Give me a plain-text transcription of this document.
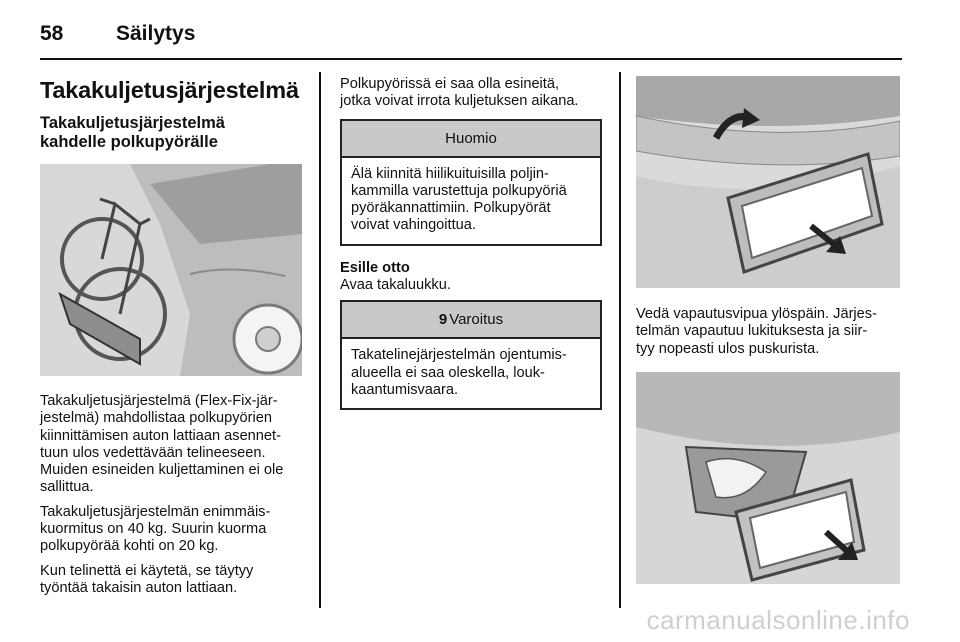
58	Säilytys
Takakuljetusjärjestelmä
Takakuljetusjärjestelmä
kahdelle polkupyörälle

Takakuljetusjärjestelmä (Flex-Fix-jär-
jestelmä) mahdollistaa polkupyörien
kiinnittämisen auton lattiaan asennet-
tuun ulos vedettävään telineeseen.
Muiden esineiden kuljettaminen ei ole
sallittua.

Takakuljetusjärjestelmän enimmäis-
kuormitus on 40 kg. Suurin kuorma
polkupyörää kohti on 20 kg.

Kun telinettä ei käytetä, se täytyy
työntää takaisin auton lattiaan.

Polkupyörissä ei saa olla esineitä,
jotka voivat irrota kuljetuksen aikana.

Huomio
Älä kiinnitä hiilikuituisilla poljin-
kammilla varustettuja polkupyöriä
pyöräkannattimiin. Polkupyörät
voivat vahingoittua.
Esille otto

Avaa takaluukku.

9 Varoitus
Takatelinejärjestelmän ojentumis-
alueella ei saa oleskella, louk-
kaantumisvaara.

Vedä vapautusvipua ylöspäin. Järjes-
telmän vapautuu lukituksesta ja siir-
tyy nopeasti ulos puskurista.

carmanualsonline.info
